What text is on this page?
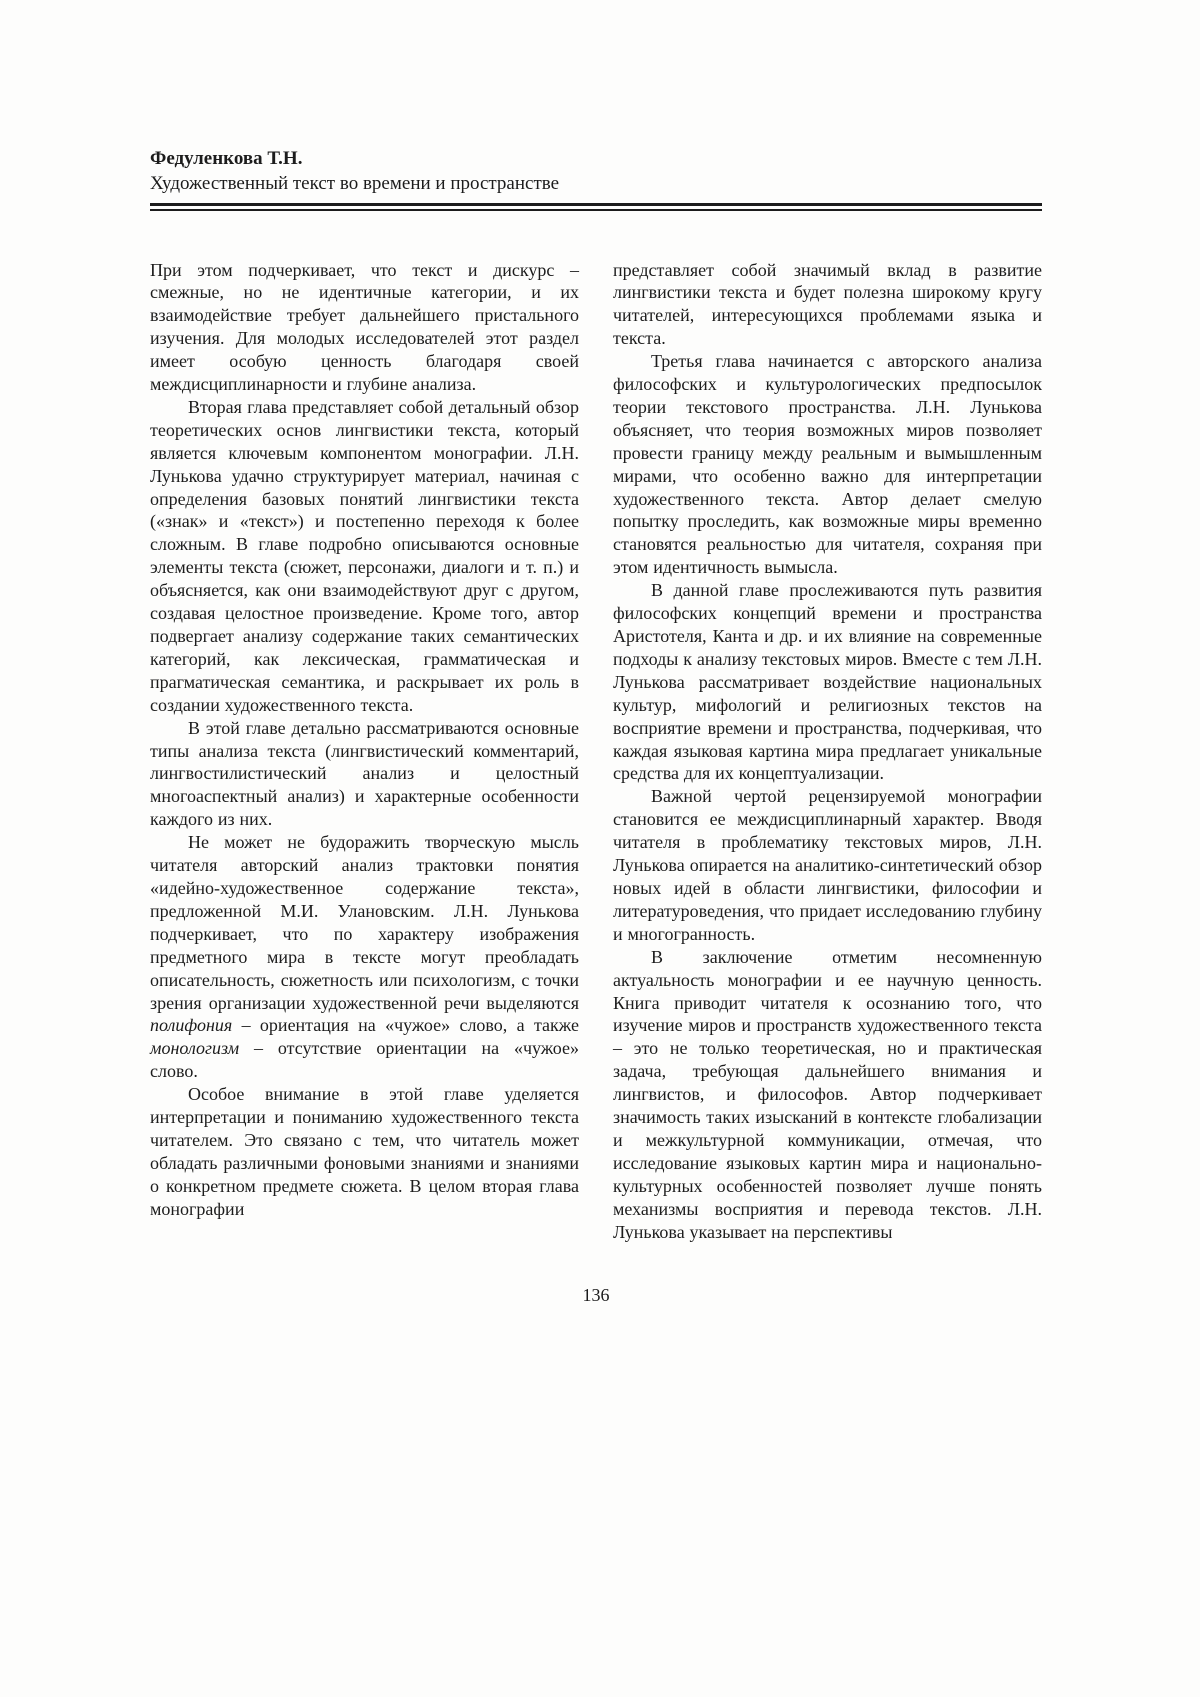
Федуленкова Т.Н.
Художественный текст во времени и пространстве

При этом подчеркивает, что текст и дискурс – смежные, но не идентичные категории, и их взаимодействие требует дальнейшего пристального изучения. Для молодых исследователей этот раздел имеет особую ценность благодаря своей междисциплинарности и глубине анализа.

Вторая глава представляет собой детальный обзор теоретических основ лингвистики текста, который является ключевым компонентом монографии. Л.Н. Лунькова удачно структурирует материал, начиная с определения базовых понятий лингвистики текста («знак» и «текст») и постепенно переходя к более сложным. В главе подробно описываются основные элементы текста (сюжет, персонажи, диалоги и т. п.) и объясняется, как они взаимодействуют друг с другом, создавая целостное произведение. Кроме того, автор подвергает анализу содержание таких семантических категорий, как лексическая, грамматическая и прагматическая семантика, и раскрывает их роль в создании художественного текста.

В этой главе детально рассматриваются основные типы анализа текста (лингвистический комментарий, лингвостилистический анализ и целостный многоаспектный анализ) и характерные особенности каждого из них.

Не может не будоражить творческую мысль читателя авторский анализ трактовки понятия «идейно-художественное содержание текста», предложенной М.И. Улановским. Л.Н. Лунькова подчеркивает, что по характеру изображения предметного мира в тексте могут преобладать описательность, сюжетность или психологизм, с точки зрения организации художественной речи выделяются полифония – ориентация на «чужое» слово, а также монологизм – отсутствие ориентации на «чужое» слово.

Особое внимание в этой главе уделяется интерпретации и пониманию художественного текста читателем. Это связано с тем, что читатель может обладать различными фоновыми знаниями и знаниями о конкретном предмете сюжета. В целом вторая глава монографии

представляет собой значимый вклад в развитие лингвистики текста и будет полезна широкому кругу читателей, интересующихся проблемами языка и текста.

Третья глава начинается с авторского анализа философских и культурологических предпосылок теории текстового пространства. Л.Н. Лунькова объясняет, что теория возможных миров позволяет провести границу между реальным и вымышленным мирами, что особенно важно для интерпретации художественного текста. Автор делает смелую попытку проследить, как возможные миры временно становятся реальностью для читателя, сохраняя при этом идентичность вымысла.

В данной главе прослеживаются путь развития философских концепций времени и пространства Аристотеля, Канта и др. и их влияние на современные подходы к анализу текстовых миров. Вместе с тем Л.Н. Лунькова рассматривает воздействие национальных культур, мифологий и религиозных текстов на восприятие времени и пространства, подчеркивая, что каждая языковая картина мира предлагает уникальные средства для их концептуализации.

Важной чертой рецензируемой монографии становится ее междисциплинарный характер. Вводя читателя в проблематику текстовых миров, Л.Н. Лунькова опирается на аналитико-синтетический обзор новых идей в области лингвистики, философии и литературоведения, что придает исследованию глубину и многогранность.

В заключение отметим несомненную актуальность монографии и ее научную ценность. Книга приводит читателя к осознанию того, что изучение миров и пространств художественного текста – это не только теоретическая, но и практическая задача, требующая дальнейшего внимания и лингвистов, и философов. Автор подчеркивает значимость таких изысканий в контексте глобализации и межкультурной коммуникации, отмечая, что исследование языковых картин мира и национально-культурных особенностей позволяет лучше понять механизмы восприятия и перевода текстов. Л.Н. Лунькова указывает на перспективы

136
